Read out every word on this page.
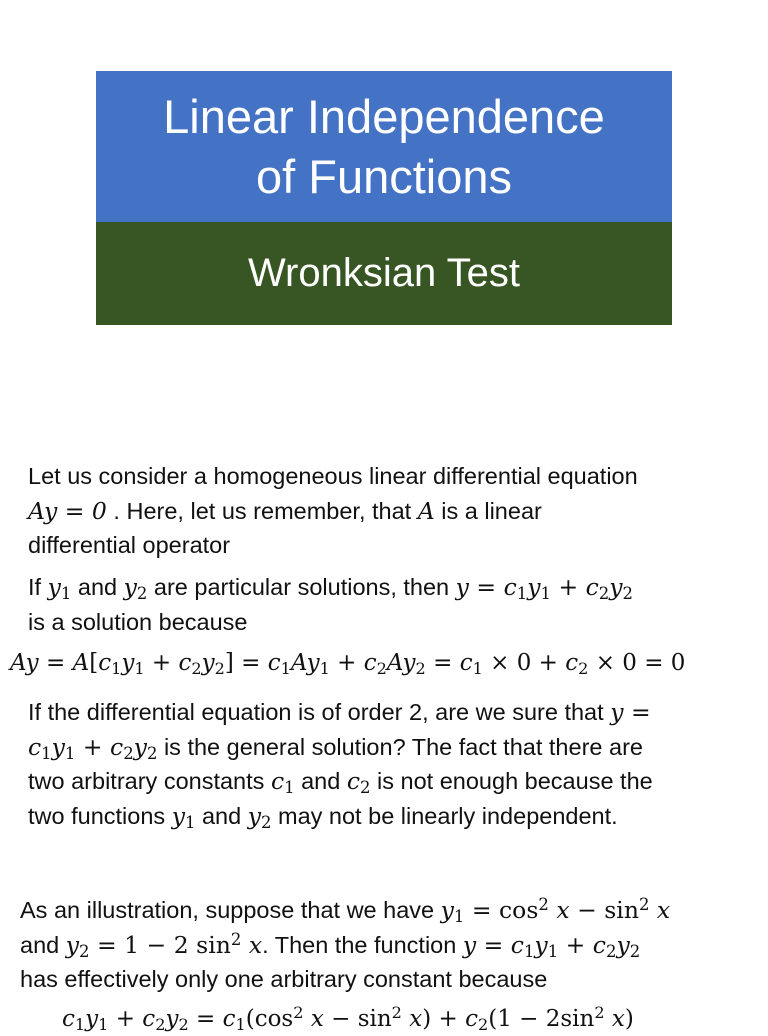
Linear Independence
of Functions
Wronksian Test
Let us consider a homogeneous linear differential equation
Ay = 0 . Here, let us remember, that A is a linear
differential operator
If $y_1$ and $y_2$ are particular solutions, then $y = c_1y_1 + c_2y_2$
is a solution because
$Ay = A[c_1y_1 + c_2y_2] = c_1Ay_1 + c_2Ay_2 = c_1 \times 0 + c_2 \times 0 = 0$
If the differential equation is of order 2, are we sure that y =
$c_1y_1 + c_2y_2$ is the general solution? The fact that there are
two arbitrary constants $c_1$ and $c_2$ is not enough because the
two functions $y_1$ and $y_2$ may not be linearly independent.
As an illustration, suppose that we have $y_1 = \cos^2 x - \sin^2 x$
and $y_2 = 1 - 2$ $\sin^2 x$. Then the function $y = c_1y_1 + c_2y_2$
has effectively only one arbitrary constant because
$c_1y_1 + c_2y_2 = c_1(\cos^2$ $x - \sin^2 x) + c_2(1 - 2\sin^2$ x)
